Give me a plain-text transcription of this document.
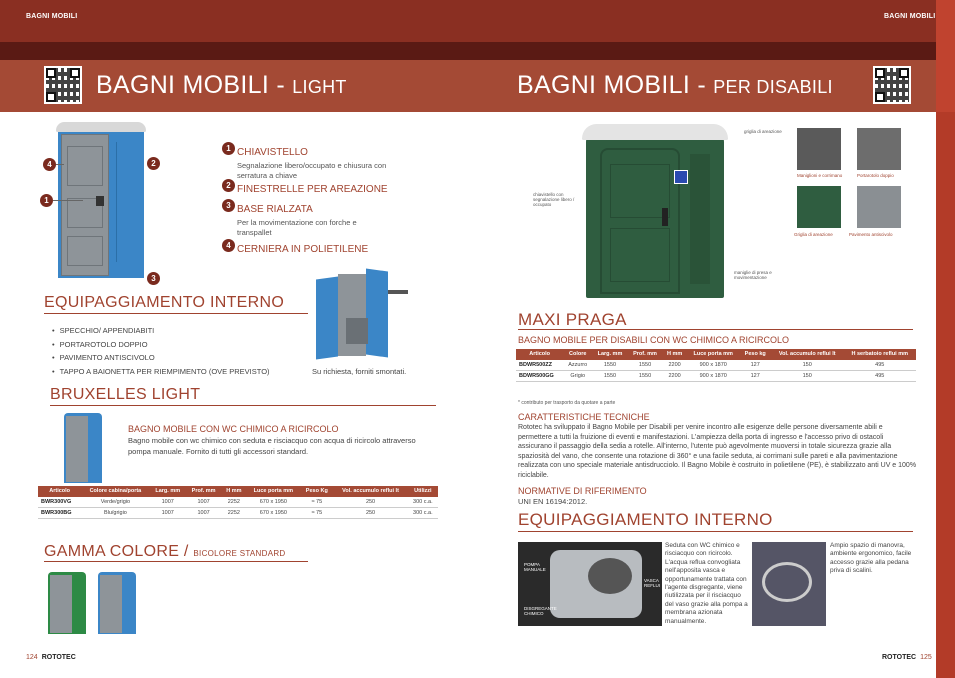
BAGNI MOBILI	BAGNI MOBILI
BAGNI MOBILI - LIGHT	BAGNI MOBILI - PER DISABILI
1
2
3
4
1 CHIAVISTELLO
Segnalazione libero/occupato e chiusura con serratura a chiave
2 FINESTRELLE PER AREAZIONE
3 BASE RIALZATA
Per la movimentazione con forche e transpallet
4 CERNIERA IN POLIETILENE
Su richiesta, forniti smontati.
EQUIPAGGIAMENTO INTERNO
• SPECCHIO/ APPENDIABITI
• PORTAROTOLO DOPPIO
• PAVIMENTO ANTISCIVOLO
• TAPPO A BAIONETTA PER RIEMPIMENTO (OVE PREVISTO)
BRUXELLES LIGHT
BAGNO MOBILE CON WC CHIMICO A RICIRCOLO
Bagno mobile con wc chimico con seduta e risciacquo con acqua di ricircolo attraverso pompa manuale. Fornito di tutti gli accessori standard.
Articolo	Colore cabina/porta	Larg. mm	Prof. mm	H mm	Luce porta mm	Peso Kg	Vol. accumulo reflui lt	Utilizzi
BWR300VG	Verde/grigio	1007	1007	2252	670 x 1950	≈ 75	250	300 c.a.
BWR300BG	Blu/grigio	1007	1007	2252	670 x 1950	≈ 75	250	300 c.a.
GAMMA COLORE / BICOLORE STANDARD
124 ROTOTEC
griglia di areazione
chiavistello con segnalazione libero / occupato
maniglie di presa e movimentazione
Maniglioni e corrimano	Portarotolo doppio
Griglia di areazione	Pavimento antiscivolo
MAXI PRAGA
BAGNO MOBILE PER DISABILI CON WC CHIMICO A RICIRCOLO
Articolo	Colore	Larg. mm	Prof. mm	H mm	Luce porta mm	Peso kg	Vol. accumulo reflui lt	H serbatoio reflui mm
BDWR500ZZ	Azzurro	1550	1550	2200	900 x 1870	127	150	495
BDWR500GG	Grigio	1550	1550	2200	900 x 1870	127	150	495
* contributo per trasporto da quotare a parte
CARATTERISTICHE TECNICHE
Rototec ha sviluppato il Bagno Mobile per Disabili per venire incontro alle esigenze delle persone diversamente abili e permettere a tutti la fruizione di eventi e manifestazioni. L'ampiezza della porta di ingresso e l'accesso privo di ostacoli assicurano il passaggio della sedia a rotelle. All'interno, l'utente può agevolmente muoversi in totale sicurezza grazie alla spaziosità del vano, che consente una rotazione di 360° e una facile seduta, ai corrimani sulle pareti e alla pavimentazione realizzata con uno speciale materiale antisdrucciolo. Il Bagno Mobile è costruito in polietilene (PE), è stabilizzato anti UV e 100% riciclabile.
NORMATIVE DI RIFERIMENTO
UNI EN 16194:2012.
EQUIPAGGIAMENTO INTERNO
POMPA MANUALE
VASCA REFLUI
DISGREGANTE CHIMICO
Seduta con WC chimico e risciacquo con ricircolo. L'acqua reflua convogliata nell'apposita vasca e opportunamente trattata con l'agente disgregante, viene riutilizzata per il risciacquo del vaso grazie alla pompa a membrana azionata manualmente.
Ampio spazio di manovra, ambiente ergonomico, facile accesso grazie alla pedana priva di scalini.
ROTOTEC 125
